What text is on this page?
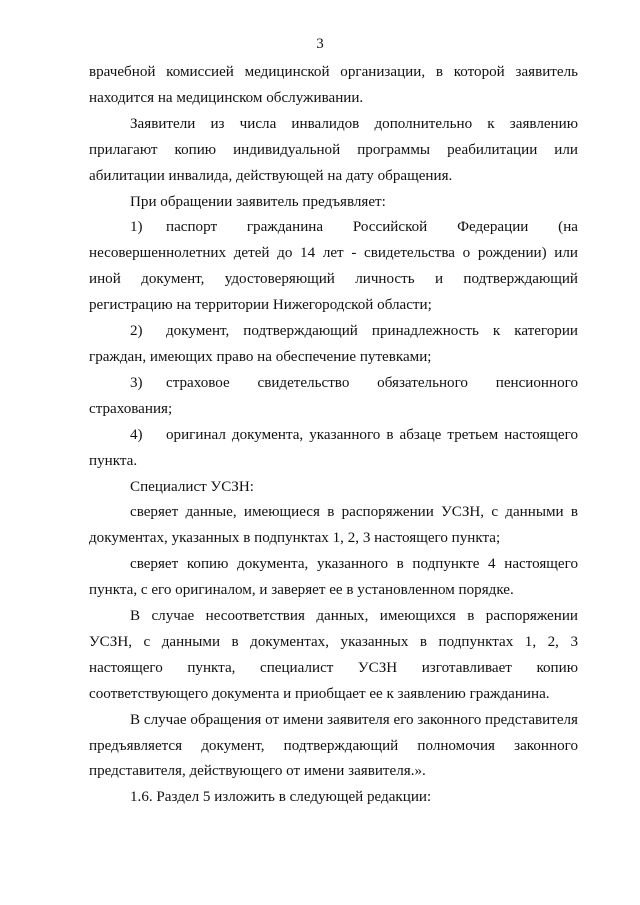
3

врачебной комиссией медицинской организации, в которой заявитель находится на медицинском обслуживании.

Заявители из числа инвалидов дополнительно к заявлению прилагают копию индивидуальной программы реабилитации или абилитации инвалида, действующей на дату обращения.

При обращении заявитель предъявляет:

1) паспорт гражданина Российской Федерации (на несовершеннолетних детей до 14 лет - свидетельства о рождении) или иной документ, удостоверяющий личность и подтверждающий регистрацию на территории Нижегородской области;

2) документ, подтверждающий принадлежность к категории граждан, имеющих право на обеспечение путевками;

3) страховое свидетельство обязательного пенсионного страхования;

4) оригинал документа, указанного в абзаце третьем настоящего пункта.

Специалист УСЗН:

сверяет данные, имеющиеся в распоряжении УСЗН, с данными в документах, указанных в подпунктах 1, 2, 3 настоящего пункта;

сверяет копию документа, указанного в подпункте 4 настоящего пункта, с его оригиналом, и заверяет ее в установленном порядке.

В случае несоответствия данных, имеющихся в распоряжении УСЗН, с данными в документах, указанных в подпунктах 1, 2, 3 настоящего пункта, специалист УСЗН изготавливает копию соответствующего документа и приобщает ее к заявлению гражданина.

В случае обращения от имени заявителя его законного представителя предъявляется документ, подтверждающий полномочия законного представителя, действующего от имени заявителя.».

1.6. Раздел 5 изложить в следующей редакции:
